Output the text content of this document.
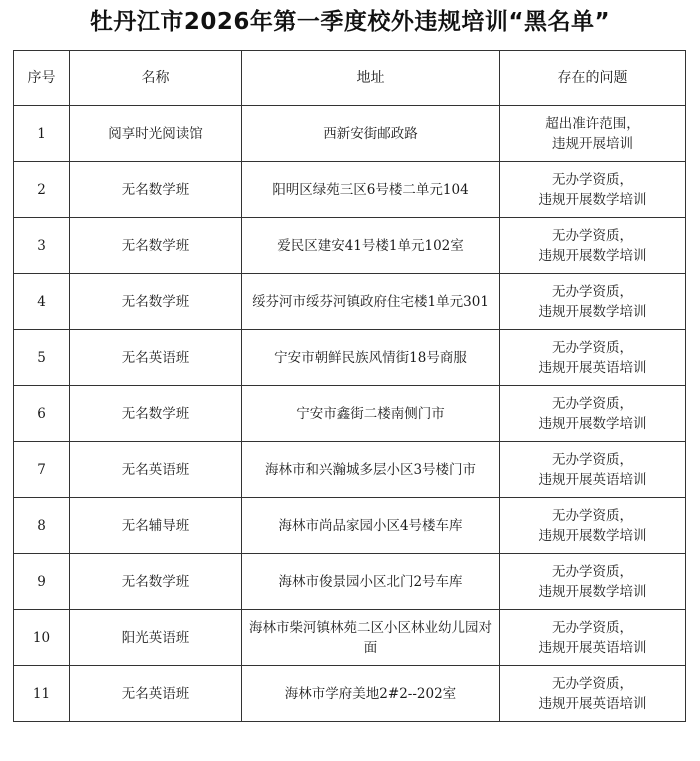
牡丹江市2026年第一季度校外违规培训“黑名单”
序号	名称	地址	存在的问题
1	阅享时光阅读馆	西新安街邮政路	超出准许范围，
违规开展培训

2	无名数学班	阳明区绿苑三区6号楼二单元104	无办学资质，
违规开展数学培训

3	无名数学班	爱民区建安41号楼1单元102室	无办学资质，
违规开展数学培训

4	无名数学班	绥芬河市绥芬河镇政府住宅楼1单元301	无办学资质，
违规开展数学培训

5	无名英语班	宁安市朝鲜民族风情街18号商服	无办学资质，
违规开展英语培训

6	无名数学班	宁安市鑫街二楼南侧门市	无办学资质，
违规开展数学培训

7	无名英语班	海林市和兴瀚城多层小区3号楼门市	无办学资质，
违规开展英语培训

8	无名辅导班	海林市尚品家园小区4号楼车库	无办学资质，
违规开展数学培训

9	无名数学班	海林市俊景园小区北门2号车库	无办学资质，
违规开展数学培训

10	阳光英语班	海林市柴河镇林苑二区小区林业幼儿园对面	无办学资质，
违规开展英语培训

11	无名英语班	海林市学府美地2#2--202室	无办学资质，
违规开展英语培训
